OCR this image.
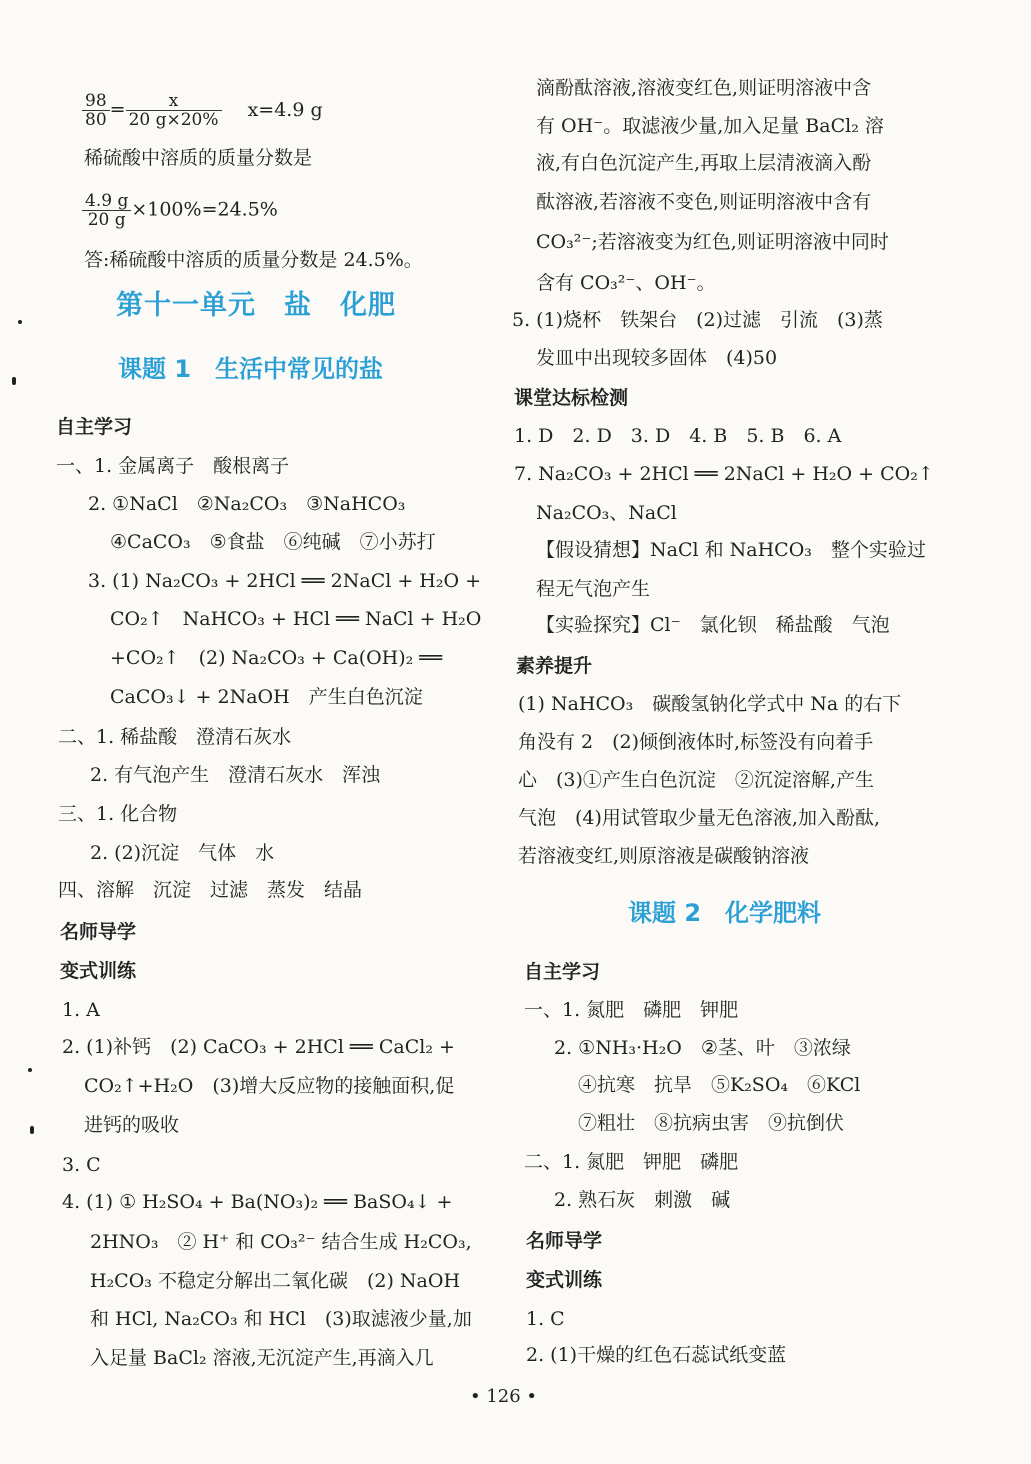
$\frac{98}{80} = \frac{x}{20 g\times 20\%} x=4.9$ g
稀硫酸中溶质的质量分数是
$\frac{4.9 g}{20 g} \times 100\%=24.5\%$
答:稀硫酸中溶质的质量分数是 24.5%。
第十一单元　盐　化肥
课题 1　生活中常见的盐
自主学习
一、1. 金属离子　酸根离子
2. ①NaCl　②Na₂CO₃　③NaHCO₃
④CaCO₃　⑤食盐　⑥纯碱　⑦小苏打
3. (1) Na₂CO₃ + 2HCl ══ 2NaCl + H₂O +
CO₂↑　NaHCO₃ + HCl ══ NaCl + H₂O
+CO₂↑　(2) Na₂CO₃ + Ca(OH)₂ ══
CaCO₃↓ + 2NaOH　产生白色沉淀
二、1. 稀盐酸　澄清石灰水
2. 有气泡产生　澄清石灰水　浑浊
三、1. 化合物
2. (2)沉淀　气体　水
四、溶解　沉淀　过滤　蒸发　结晶
名师导学
变式训练
1. A
2. (1)补钙　(2) CaCO₃ + 2HCl ══ CaCl₂ +
CO₂↑+H₂O　(3)增大反应物的接触面积,促
进钙的吸收
3. C
4. (1) ① H₂SO₄ + Ba(NO₃)₂ ══ BaSO₄↓ +
2HNO₃　② H⁺ 和 CO₃²⁻ 结合生成 H₂CO₃,
H₂CO₃ 不稳定分解出二氧化碳　(2) NaOH
和 HCl, Na₂CO₃ 和 HCl　(3)取滤液少量,加
入足量 BaCl₂ 溶液,无沉淀产生,再滴入几
滴酚酞溶液,溶液变红色,则证明溶液中含
有 OH⁻。取滤液少量,加入足量 BaCl₂ 溶
液,有白色沉淀产生,再取上层清液滴入酚
酞溶液,若溶液不变色,则证明溶液中含有
CO₃²⁻;若溶液变为红色,则证明溶液中同时
含有 CO₃²⁻、OH⁻。
5. (1)烧杯　铁架台　(2)过滤　引流　(3)蒸
发皿中出现较多固体　(4)50
课堂达标检测
1. D　2. D　3. D　4. B　5. B　6. A
7. Na₂CO₃ + 2HCl ══ 2NaCl + H₂O + CO₂↑
Na₂CO₃、NaCl
【假设猜想】NaCl 和 NaHCO₃　整个实验过
程无气泡产生
【实验探究】Cl⁻　氯化钡　稀盐酸　气泡
素养提升
(1) NaHCO₃　碳酸氢钠化学式中 Na 的右下
角没有 2　(2)倾倒液体时,标签没有向着手
心　(3)①产生白色沉淀　②沉淀溶解,产生
气泡　(4)用试管取少量无色溶液,加入酚酞,
若溶液变红,则原溶液是碳酸钠溶液
课题 2　化学肥料
自主学习
一、1. 氮肥　磷肥　钾肥
2. ①NH₃·H₂O　②茎、叶　③浓绿
④抗寒　抗旱　⑤K₂SO₄　⑥KCl
⑦粗壮　⑧抗病虫害　⑨抗倒伏
二、1. 氮肥　钾肥　磷肥
2. 熟石灰　刺激　碱
名师导学
变式训练
1. C
2. (1)干燥的红色石蕊试纸变蓝
• 126 •
